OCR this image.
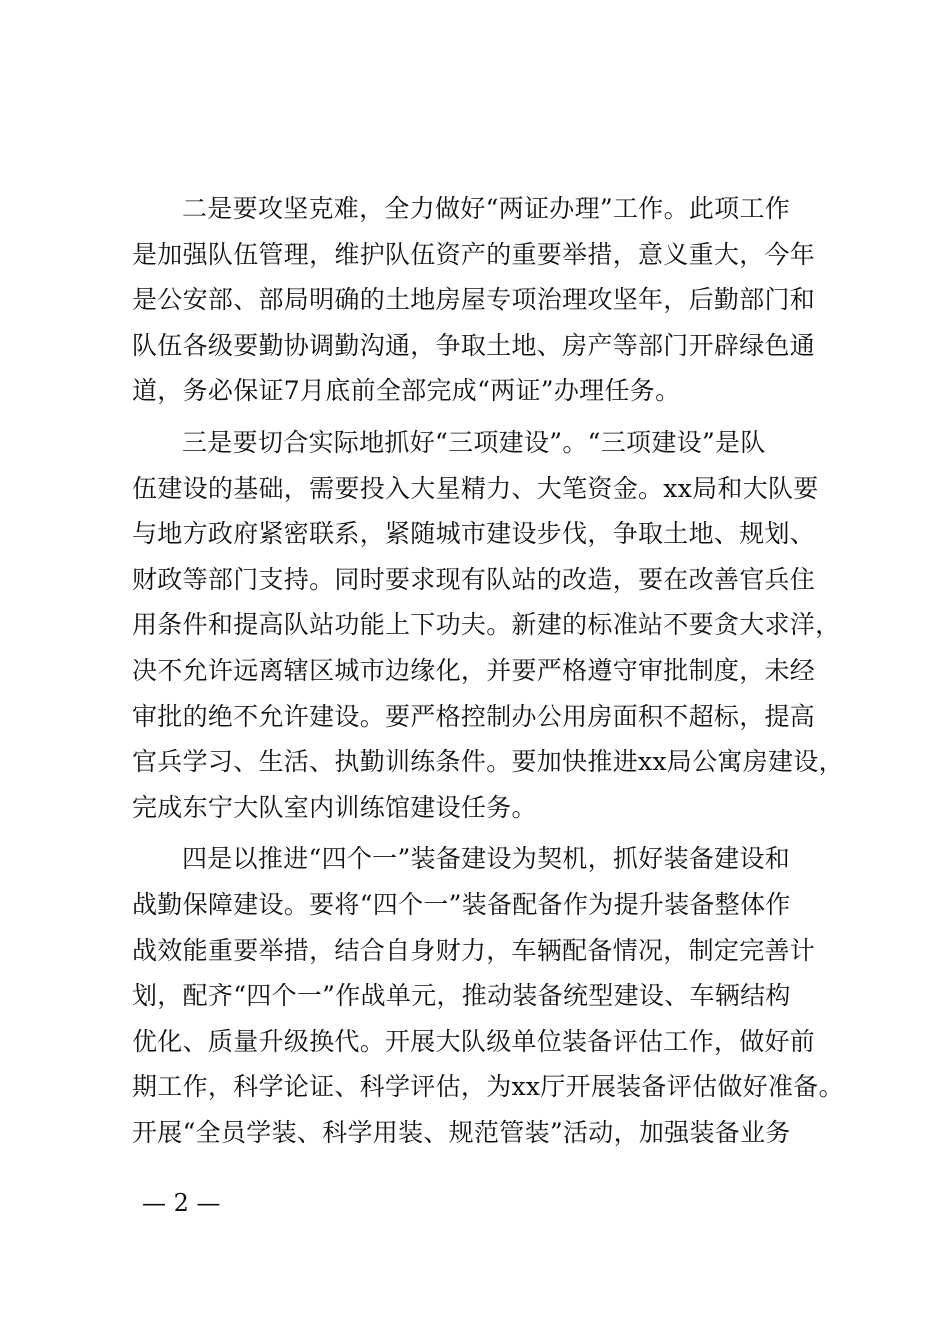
二是要攻坚克难，全力做好“两证办理”工作。此项工作
是加强队伍管理，维护队伍资产的重要举措，意义重大，今年
是公安部、部局明确的土地房屋专项治理攻坚年，后勤部门和
队伍各级要勤协调勤沟通，争取土地、房产等部门开辟绿色通
道，务必保证7月底前全部完成“两证”办理任务。
三是要切合实际地抓好“三项建设”。“三项建设”是队
伍建设的基础，需要投入大星精力、大笔资金。xx局和大队要
与地方政府紧密联系，紧随城市建设步伐，争取土地、规划、
财政等部门支持。同时要求现有队站的改造，要在改善官兵住
用条件和提高队站功能上下功夫。新建的标准站不要贪大求洋，
决不允许远离辖区城市边缘化，并要严格遵守审批制度，未经
审批的绝不允许建设。要严格控制办公用房面积不超标，提高
官兵学习、生活、执勤训练条件。要加快推进xx局公寓房建设，
完成东宁大队室内训练馆建设任务。
四是以推进“四个一”装备建设为契机，抓好装备建设和
战勤保障建设。要将“四个一”装备配备作为提升装备整体作
战效能重要举措，结合自身财力，车辆配备情况，制定完善计
划，配齐“四个一”作战单元，推动装备统型建设、车辆结构
优化、质量升级换代。开展大队级单位装备评估工作，做好前
期工作，科学论证、科学评估，为xx厅开展装备评估做好准备。
开展“全员学装、科学用装、规范管装”活动，加强装备业务
— 2 —
